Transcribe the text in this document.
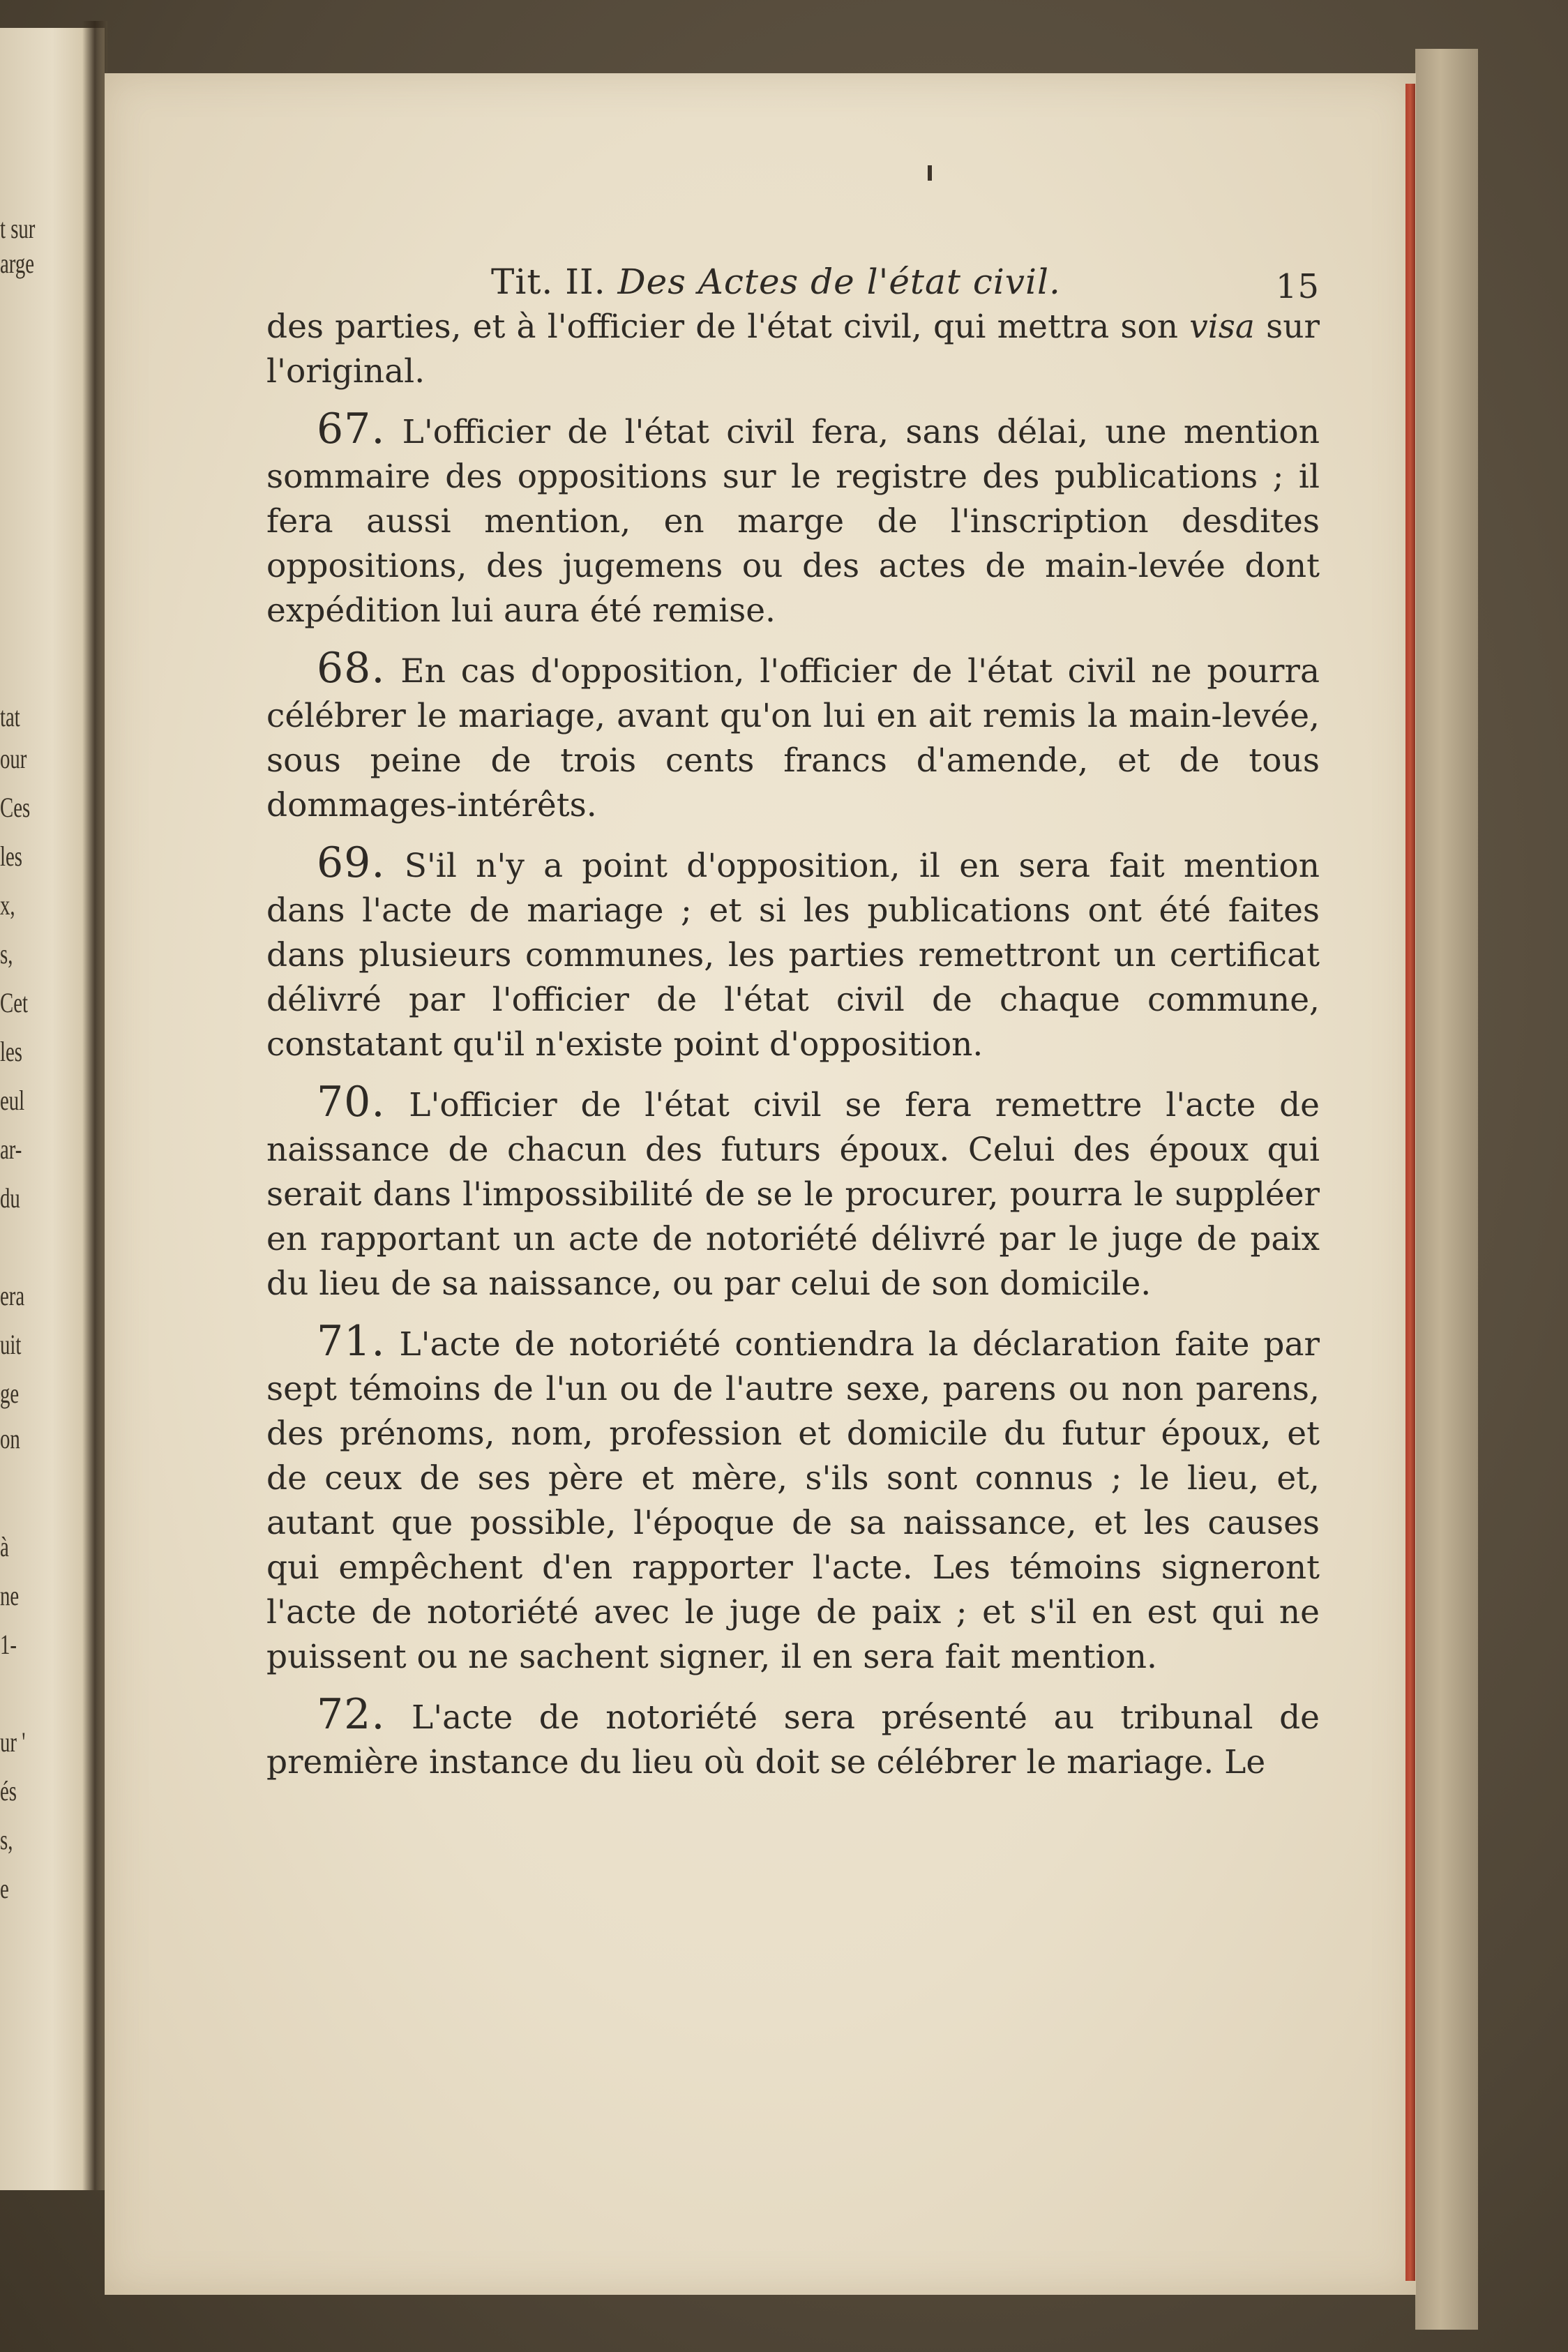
t sur
arge
tat
our
Ces
les
x,
s,
Cet
les
eul
ar-
du
era
uit
ge
on
à
ne
1-
ur '
és
s,
e
Tit. II. Des Actes de l'état civil.	15

des parties, et à l'officier de l'état civil, qui mettra son visa sur l'original.

67. L'officier de l'état civil fera, sans délai, une mention sommaire des oppositions sur le registre des publications ; il fera aussi mention, en marge de l'inscription desdites oppositions, des jugemens ou des actes de main-levée dont expédition lui aura été remise.

68. En cas d'opposition, l'officier de l'état civil ne pourra célébrer le mariage, avant qu'on lui en ait remis la main-levée, sous peine de trois cents francs d'amende, et de tous dommages-intérêts.

69. S'il n'y a point d'opposition, il en sera fait mention dans l'acte de mariage ; et si les publications ont été faites dans plusieurs communes, les parties remettront un certificat délivré par l'officier de l'état civil de chaque commune, constatant qu'il n'existe point d'opposition.

70. L'officier de l'état civil se fera remettre l'acte de naissance de chacun des futurs époux. Celui des époux qui serait dans l'impossibilité de se le procurer, pourra le suppléer en rapportant un acte de notoriété délivré par le juge de paix du lieu de sa naissance, ou par celui de son domicile.

71. L'acte de notoriété contiendra la déclaration faite par sept témoins de l'un ou de l'autre sexe, parens ou non parens, des prénoms, nom, profession et domicile du futur époux, et de ceux de ses père et mère, s'ils sont connus ; le lieu, et, autant que possible, l'époque de sa naissance, et les causes qui empêchent d'en rapporter l'acte. Les témoins signeront l'acte de notoriété avec le juge de paix ; et s'il en est qui ne puissent ou ne sachent signer, il en sera fait mention.

72. L'acte de notoriété sera présenté au tribunal de première instance du lieu où doit se célébrer le mariage. Le
